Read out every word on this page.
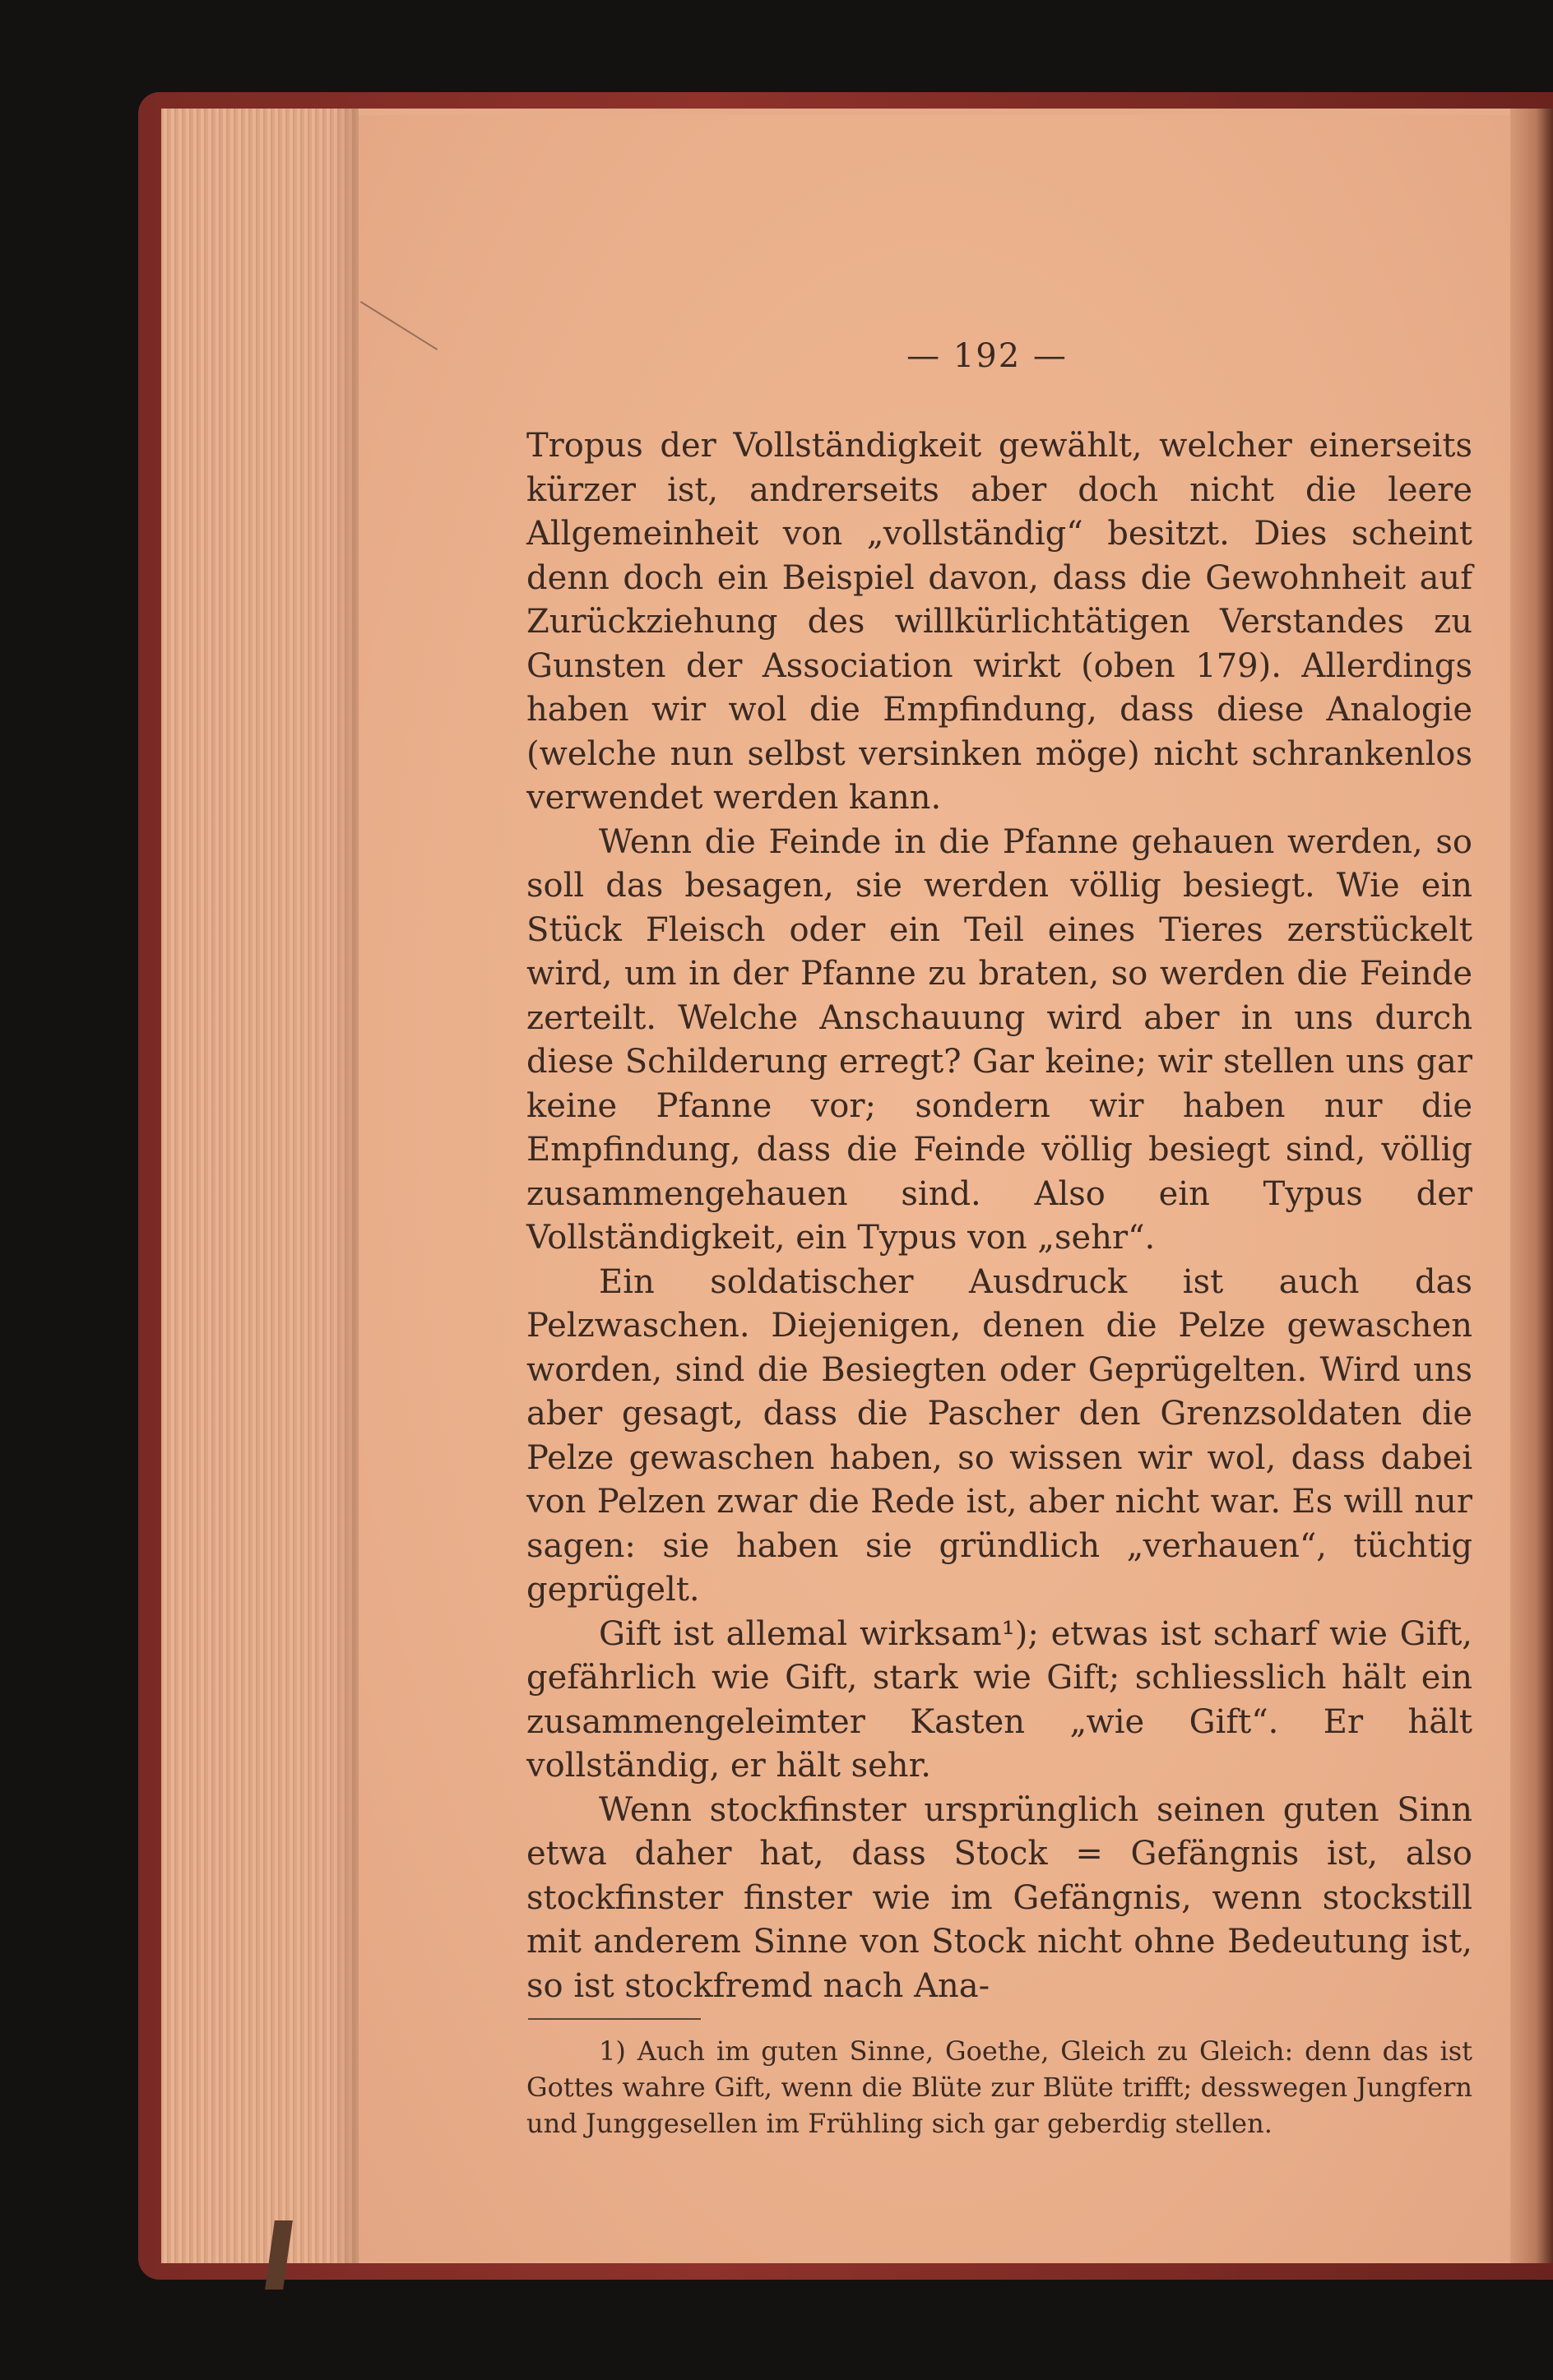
— 192 —

Tropus der Vollständigkeit gewählt, welcher einerseits kürzer ist, andrerseits aber doch nicht die leere Allgemeinheit von „vollständig“ besitzt. Dies scheint denn doch ein Beispiel davon, dass die Gewohnheit auf Zurückziehung des willkürlichtätigen Verstandes zu Gunsten der Association wirkt (oben 179). Allerdings haben wir wol die Empfindung, dass diese Analogie (welche nun selbst versinken möge) nicht schrankenlos verwendet werden kann.

Wenn die Feinde in die Pfanne gehauen werden, so soll das besagen, sie werden völlig besiegt. Wie ein Stück Fleisch oder ein Teil eines Tieres zerstückelt wird, um in der Pfanne zu braten, so werden die Feinde zerteilt. Welche Anschauung wird aber in uns durch diese Schilderung erregt? Gar keine; wir stellen uns gar keine Pfanne vor; sondern wir haben nur die Empfindung, dass die Feinde völlig besiegt sind, völlig zusammengehauen sind. Also ein Typus der Vollständigkeit, ein Typus von „sehr“.

Ein soldatischer Ausdruck ist auch das Pelzwaschen. Diejenigen, denen die Pelze gewaschen worden, sind die Besiegten oder Geprügelten. Wird uns aber gesagt, dass die Pascher den Grenzsoldaten die Pelze gewaschen haben, so wissen wir wol, dass dabei von Pelzen zwar die Rede ist, aber nicht war. Es will nur sagen: sie haben sie gründlich „verhauen“, tüchtig geprügelt.

Gift ist allemal wirksam¹); etwas ist scharf wie Gift, gefährlich wie Gift, stark wie Gift; schliesslich hält ein zusammengeleimter Kasten „wie Gift“. Er hält vollständig, er hält sehr.

Wenn stockfinster ursprünglich seinen guten Sinn etwa daher hat, dass Stock = Gefängnis ist, also stockfinster finster wie im Gefängnis, wenn stockstill mit anderem Sinne von Stock nicht ohne Bedeutung ist, so ist stockfremd nach Ana-

1) Auch im guten Sinne, Goethe, Gleich zu Gleich: denn das ist Gottes wahre Gift, wenn die Blüte zur Blüte trifft; desswegen Jungfern und Junggesellen im Frühling sich gar geberdig stellen.
